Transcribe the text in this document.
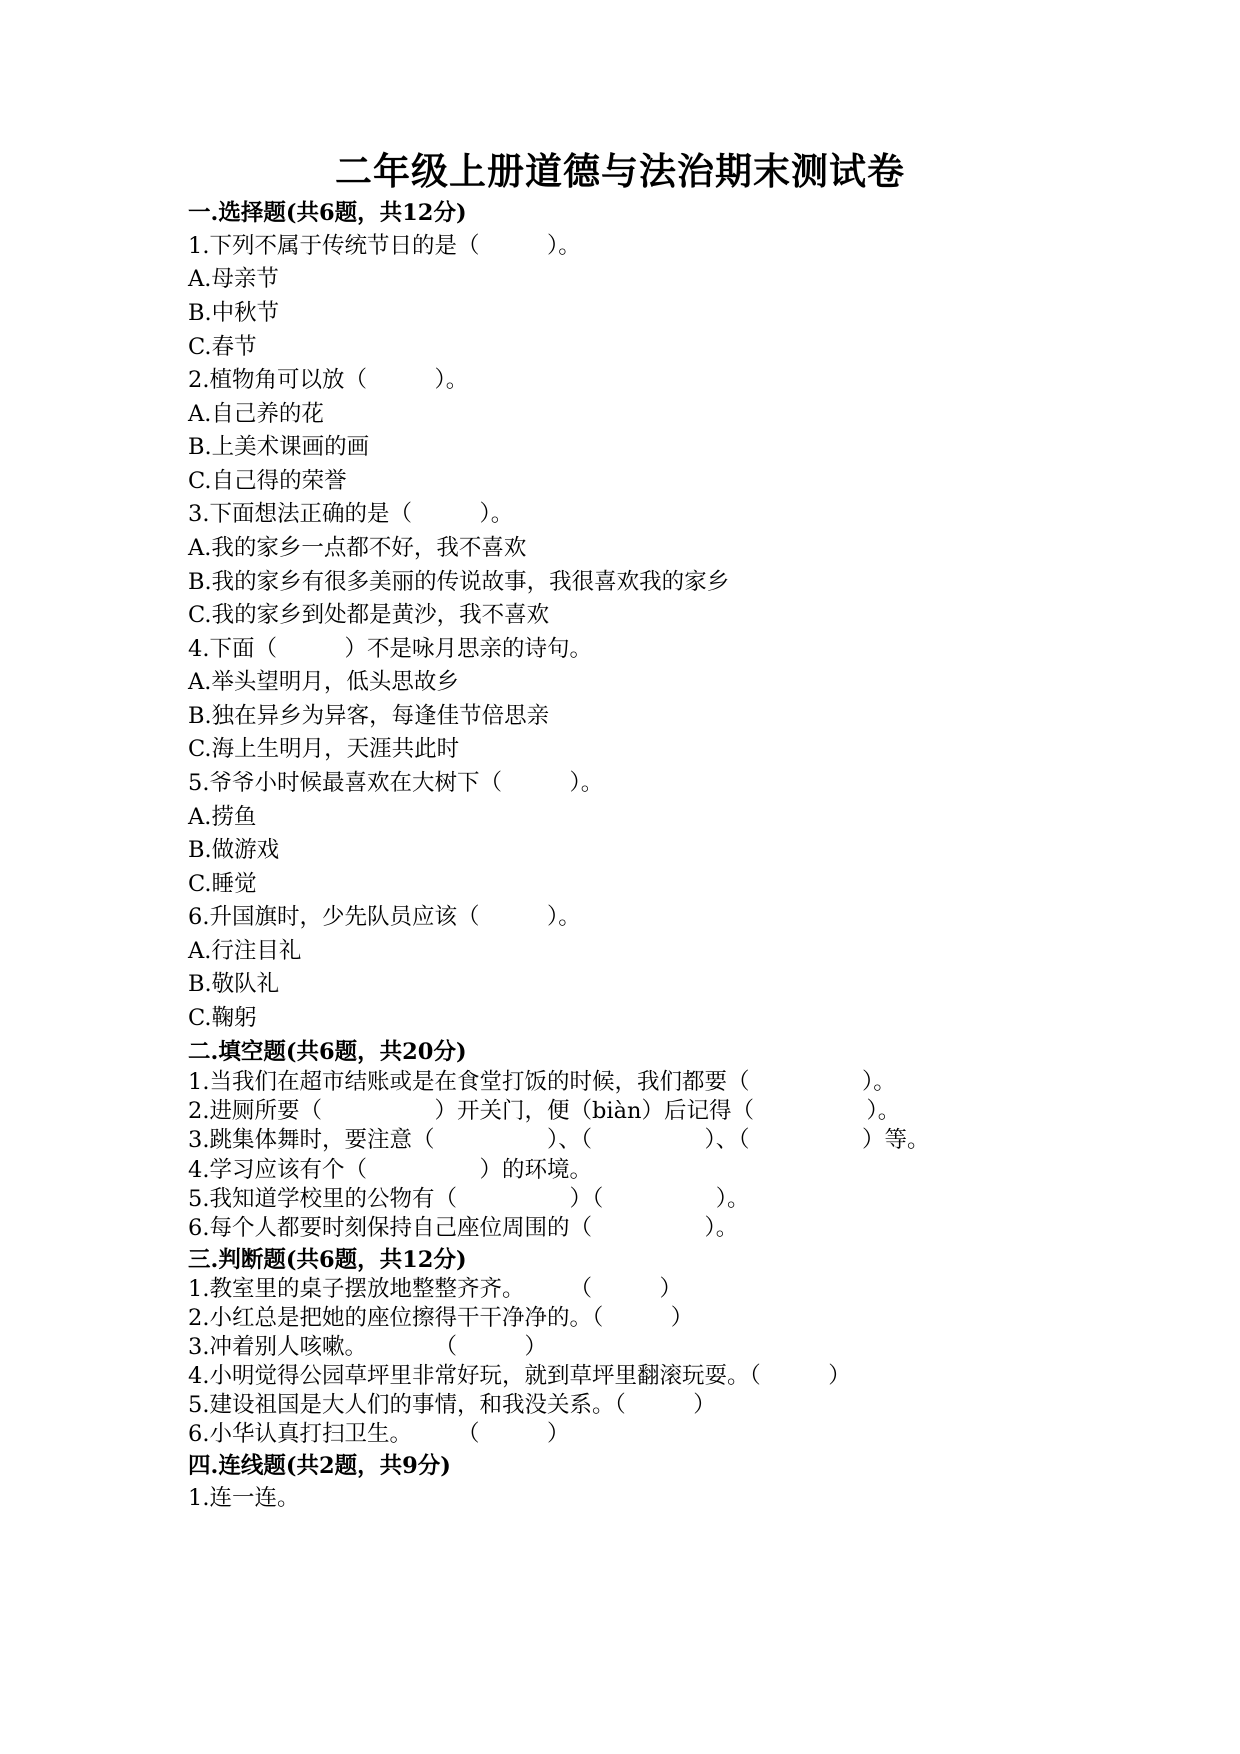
二年级上册道德与法治期末测试卷
一.选择题(共6题，共12分)
1.下列不属于传统节日的是（　　　）。
A.母亲节
B.中秋节
C.春节
2.植物角可以放（　　　）。
A.自己养的花
B.上美术课画的画
C.自己得的荣誉
3.下面想法正确的是（　　　）。
A.我的家乡一点都不好，我不喜欢
B.我的家乡有很多美丽的传说故事，我很喜欢我的家乡
C.我的家乡到处都是黄沙，我不喜欢
4.下面（　　　）不是咏月思亲的诗句。
A.举头望明月，低头思故乡
B.独在异乡为异客，每逢佳节倍思亲
C.海上生明月，天涯共此时
5.爷爷小时候最喜欢在大树下（　　　）。
A.捞鱼
B.做游戏
C.睡觉
6.升国旗时，少先队员应该（　　　）。
A.行注目礼
B.敬队礼
C.鞠躬
二.填空题(共6题，共20分)
1.当我们在超市结账或是在食堂打饭的时候，我们都要（　　　　　）。
2.进厕所要（　　　　　）开关门，便（biàn）后记得（　　　　　）。
3.跳集体舞时，要注意（　　　　　）、（　　　　　）、（　　　　　）等。
4.学习应该有个（　　　　　）的环境。
5.我知道学校里的公物有（　　　　　）（　　　　　）。
6.每个人都要时刻保持自己座位周围的（　　　　　）。
三.判断题(共6题，共12分)
1.教室里的桌子摆放地整整齐齐。　　　（　　　）
2.小红总是把她的座位擦得干干净净的。（　　　）
3.冲着别人咳嗽。　　　　（　　　）
4.小明觉得公园草坪里非常好玩，就到草坪里翻滚玩耍。（　　　）
5.建设祖国是大人们的事情，和我没关系。（　　　）
6.小华认真打扫卫生。　　　（　　　）
四.连线题(共2题，共9分)
1.连一连。
